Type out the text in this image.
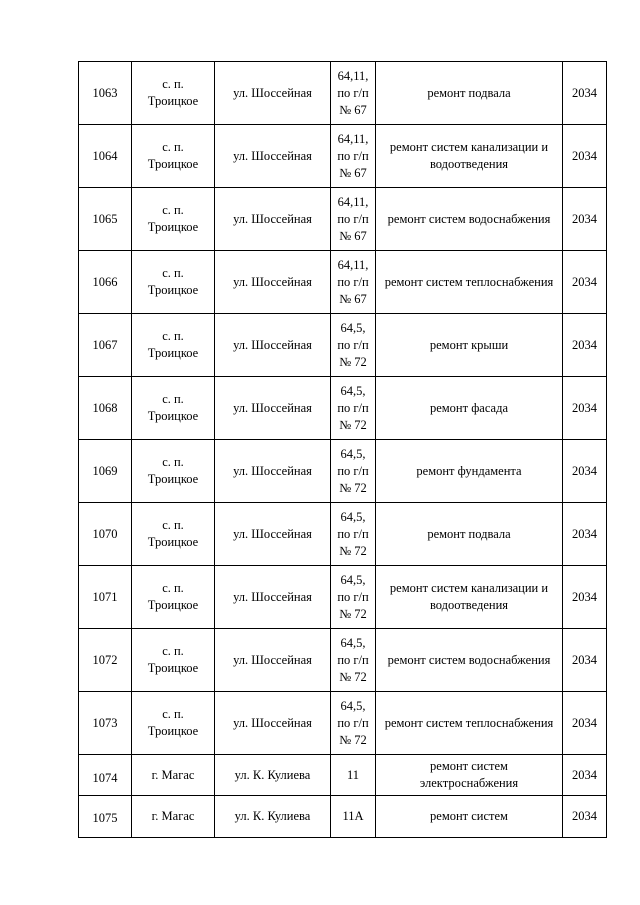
1063	с. п.
Троицкое	ул. Шоссейная	64,11,
по г/п
№ 67	ремонт подвала	2034

1064	с. п.
Троицкое	ул. Шоссейная	64,11,
по г/п
№ 67	ремонт систем канализации и
водоотведения	2034

1065	с. п.
Троицкое	ул. Шоссейная	64,11,
по г/п
№ 67	ремонт систем водоснабжения	2034

1066	с. п.
Троицкое	ул. Шоссейная	64,11,
по г/п
№ 67	ремонт систем теплоснабжения	2034

1067	с. п.
Троицкое	ул. Шоссейная	64,5,
по г/п
№ 72	ремонт крыши	2034

1068	с. п.
Троицкое	ул. Шоссейная	64,5,
по г/п
№ 72	ремонт фасада	2034

1069	с. п.
Троицкое	ул. Шоссейная	64,5,
по г/п
№ 72	ремонт фундамента	2034

1070	с. п.
Троицкое	ул. Шоссейная	64,5,
по г/п
№ 72	ремонт подвала	2034

1071	с. п.
Троицкое	ул. Шоссейная	64,5,
по г/п
№ 72	ремонт систем канализации и
водоотведения	2034

1072	с. п.
Троицкое	ул. Шоссейная	64,5,
по г/п
№ 72	ремонт систем водоснабжения	2034

1073	с. п.
Троицкое	ул. Шоссейная	64,5,
по г/п
№ 72	ремонт систем теплоснабжения	2034

1074	г. Магас	ул. К. Кулиева	11	ремонт систем
электроснабжения	2034

1075	г. Магас	ул. К. Кулиева	11А	ремонт систем	2034
